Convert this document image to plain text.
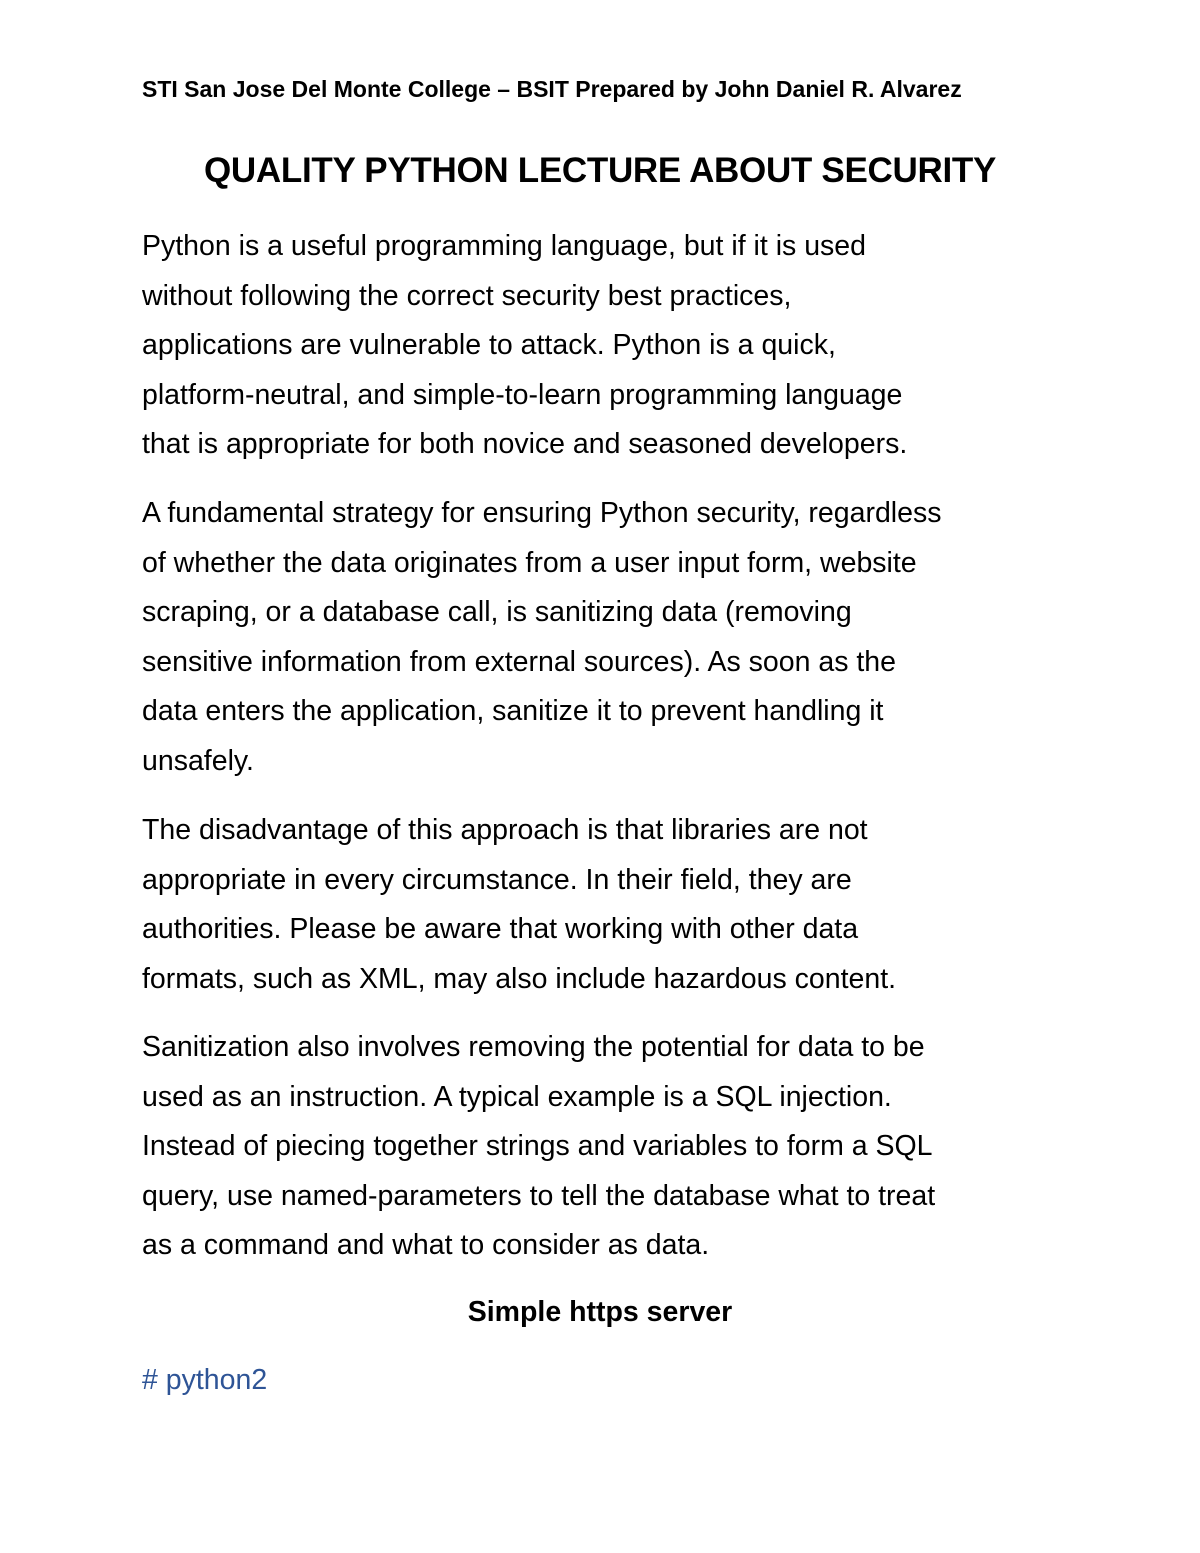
STI San Jose Del Monte College – BSIT Prepared by John Daniel R. Alvarez
QUALITY PYTHON LECTURE ABOUT SECURITY

Python is a useful programming language, but if it is used
without following the correct security best practices,
applications are vulnerable to attack. Python is a quick,
platform-neutral, and simple-to-learn programming language
that is appropriate for both novice and seasoned developers.

A fundamental strategy for ensuring Python security, regardless
of whether the data originates from a user input form, website
scraping, or a database call, is sanitizing data (removing
sensitive information from external sources). As soon as the
data enters the application, sanitize it to prevent handling it
unsafely.

The disadvantage of this approach is that libraries are not
appropriate in every circumstance. In their field, they are
authorities. Please be aware that working with other data
formats, such as XML, may also include hazardous content.

Sanitization also involves removing the potential for data to be
used as an instruction. A typical example is a SQL injection.
Instead of piecing together strings and variables to form a SQL
query, use named-parameters to tell the database what to treat
as a command and what to consider as data.

Simple https server
# python2
